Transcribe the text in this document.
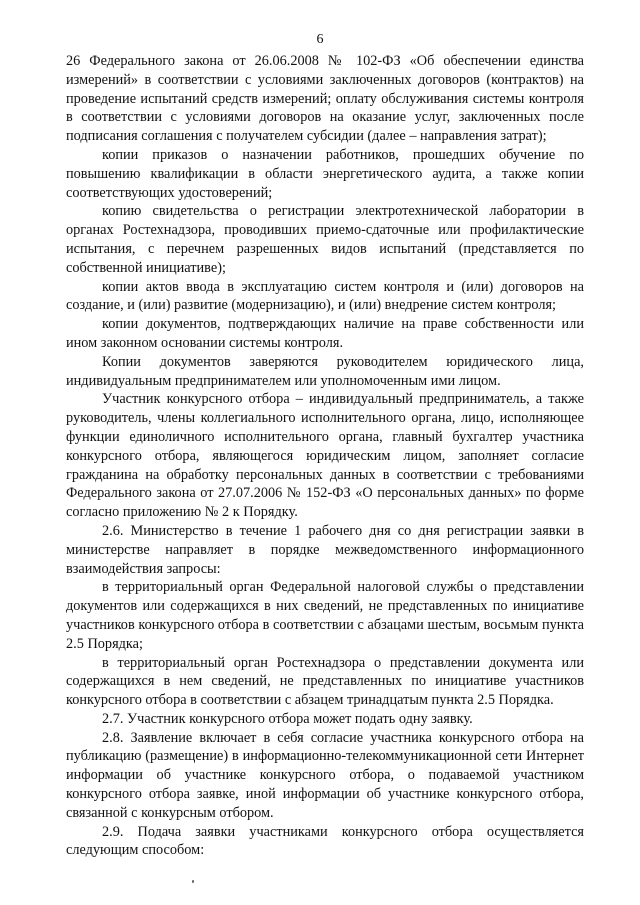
6

26 Федерального закона от 26.06.2008 № 102-ФЗ «Об обеспечении единства измерений» в соответствии с условиями заключенных договоров (контрактов) на проведение испытаний средств измерений; оплату обслуживания системы контроля в соответствии с условиями договоров на оказание услуг, заключенных после подписания соглашения с получателем субсидии (далее – направления затрат);

копии приказов о назначении работников, прошедших обучение по повышению квалификации в области энергетического аудита, а также копии соответствующих удостоверений;

копию свидетельства о регистрации электротехнической лаборатории в органах Ростехнадзора, проводивших приемо-сдаточные или профилактические испытания, с перечнем разрешенных видов испытаний (представляется по собственной инициативе);

копии актов ввода в эксплуатацию систем контроля и (или) договоров на создание, и (или) развитие (модернизацию), и (или) внедрение систем контроля;

копии документов, подтверждающих наличие на праве собственности или ином законном основании системы контроля.

Копии документов заверяются руководителем юридического лица, индивидуальным предпринимателем или уполномоченным ими лицом.

Участник конкурсного отбора – индивидуальный предприниматель, а также руководитель, члены коллегиального исполнительного органа, лицо, исполняющее функции единоличного исполнительного органа, главный бухгалтер участника конкурсного отбора, являющегося юридическим лицом, заполняет согласие гражданина на обработку персональных данных в соответствии с требованиями Федерального закона от 27.07.2006 № 152-ФЗ «О персональных данных» по форме согласно приложению № 2 к Порядку.

2.6. Министерство в течение 1 рабочего дня со дня регистрации заявки в министерстве направляет в порядке межведомственного информационного взаимодействия запросы:

в территориальный орган Федеральной налоговой службы о представлении документов или содержащихся в них сведений, не представленных по инициативе участников конкурсного отбора в соответствии с абзацами шестым, восьмым пункта 2.5 Порядка;

в территориальный орган Ростехнадзора о представлении документа или содержащихся в нем сведений, не представленных по инициативе участников конкурсного отбора в соответствии с абзацем тринадцатым пункта 2.5 Порядка.

2.7. Участник конкурсного отбора может подать одну заявку.

2.8. Заявление включает в себя согласие участника конкурсного отбора на публикацию (размещение) в информационно-телекоммуникационной сети Интернет информации об участнике конкурсного отбора, о подаваемой участником конкурсного отбора заявке, иной информации об участнике конкурсного отбора, связанной с конкурсным отбором.

2.9. Подача заявки участниками конкурсного отбора осуществляется следующим способом:
